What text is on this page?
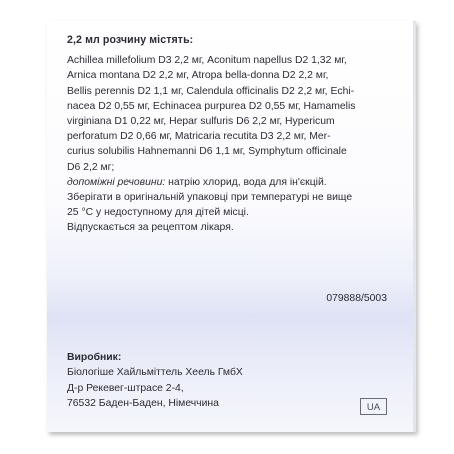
2,2 мл розчину містять:
Achillea millefolium D3 2,2 мг, Aconitum napellus D2 1,32 мг,
Arnica montana D2 2,2 мг, Atropa bella-donna D2 2,2 мг,
Bellis perennis D2 1,1 мг, Calendula officinalis D2 2,2 мг, Echi-
nacea D2 0,55 мг, Echinacea purpurea D2 0,55 мг, Hamamelis
virginiana D1 0,22 мг, Hepar sulfuris D6 2,2 мг, Hypericum
perforatum D2 0,66 мг, Matricaria recutita D3 2,2 мг, Mer-
curius solubilis Hahnemanni D6 1,1 мг, Symphytum officinale
D6 2,2 мг;
допоміжні речовини: натрію хлорид, вода для ін'єкцій.
Зберігати в оригінальній упаковці при температурі не вище
25 °С у недоступному для дітей місці.
Відпускається за рецептом лікаря.
079888/5003
Виробник:
Біологіше Хайльміттель Хеель ГмбХ
Д-р Рекевег-штрасе 2-4,
76532 Баден-Баден, Німеччина	UA
